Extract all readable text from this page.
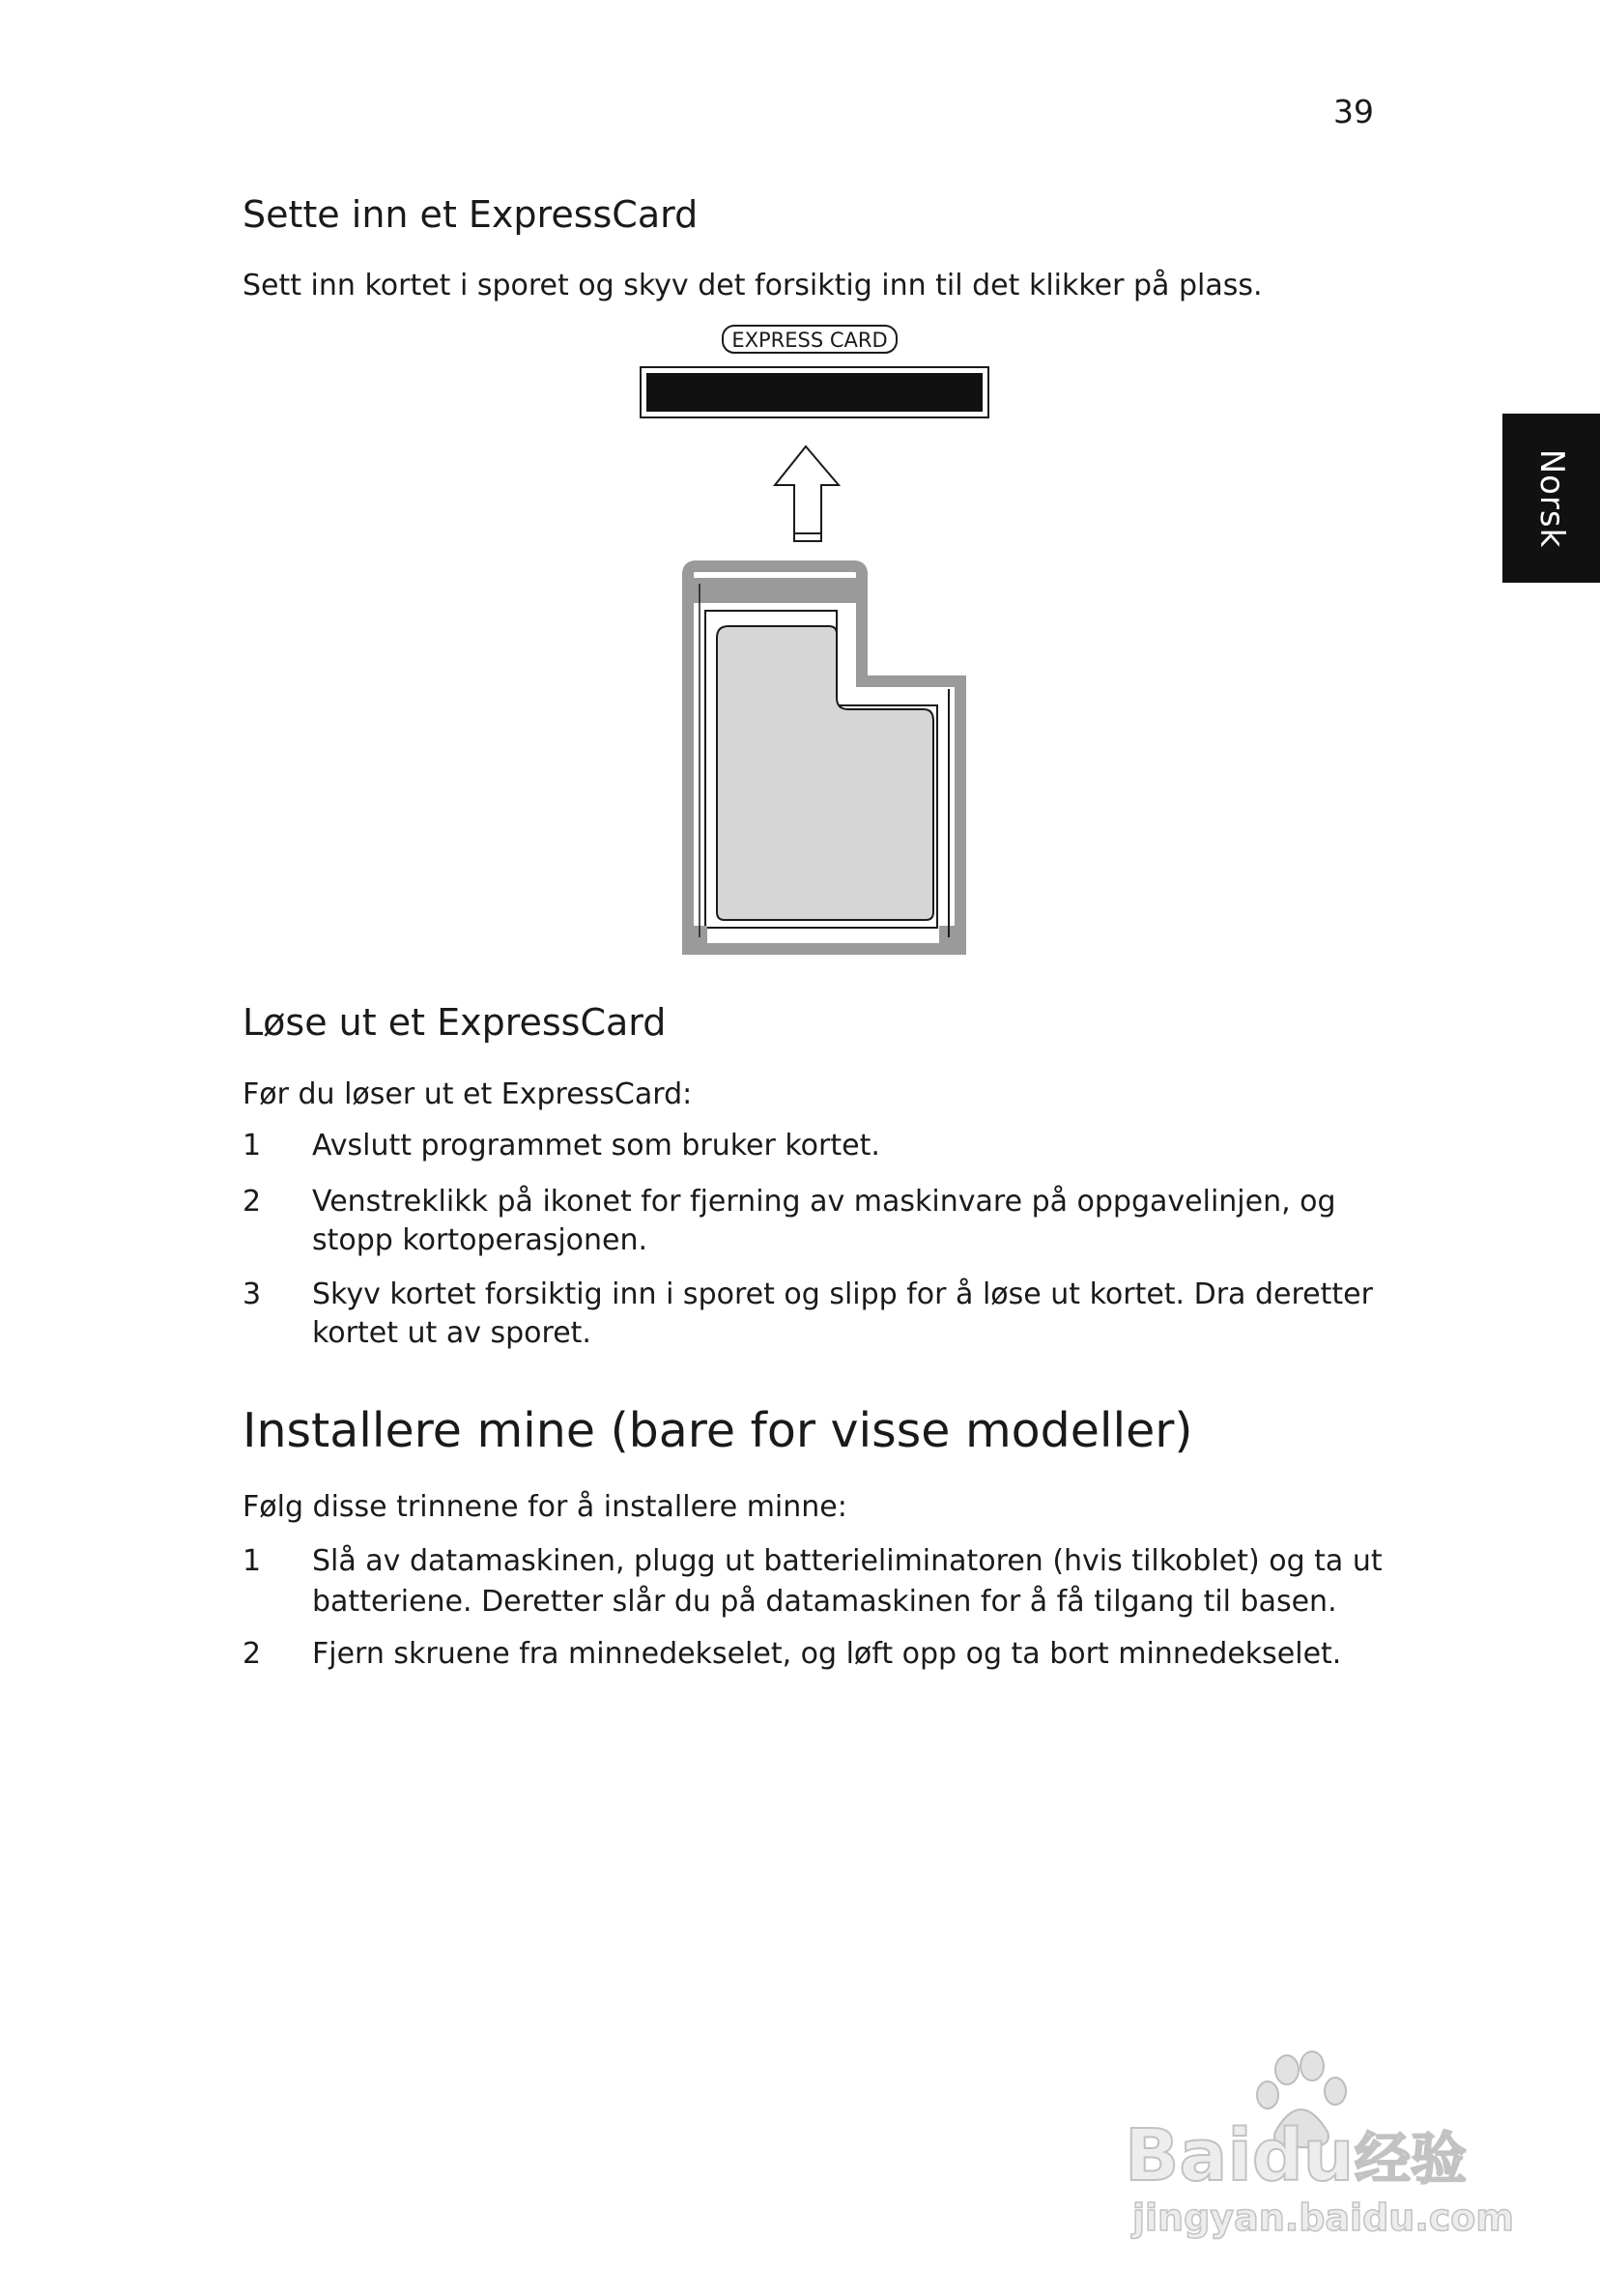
39
Norsk
Sette inn et ExpressCard
Sett inn kortet i sporet og skyv det forsiktig inn til det klikker på plass.
EXPRESS CARD
Løse ut et ExpressCard
Før du løser ut et ExpressCard:
1 Avslutt programmet som bruker kortet.
2 Venstreklikk på ikonet for fjerning av maskinvare på oppgavelinjen, og
stopp kortoperasjonen.
3 Skyv kortet forsiktig inn i sporet og slipp for å løse ut kortet. Dra deretter
kortet ut av sporet.
Installere mine (bare for visse modeller)
Følg disse trinnene for å installere minne:
1 Slå av datamaskinen, plugg ut batterieliminatoren (hvis tilkoblet) og ta ut
batteriene. Deretter slår du på datamaskinen for å få tilgang til basen.
2 Fjern skruene fra minnedekselet, og løft opp og ta bort minnedekselet.
Baidu 经验
jingyan.baidu.com
